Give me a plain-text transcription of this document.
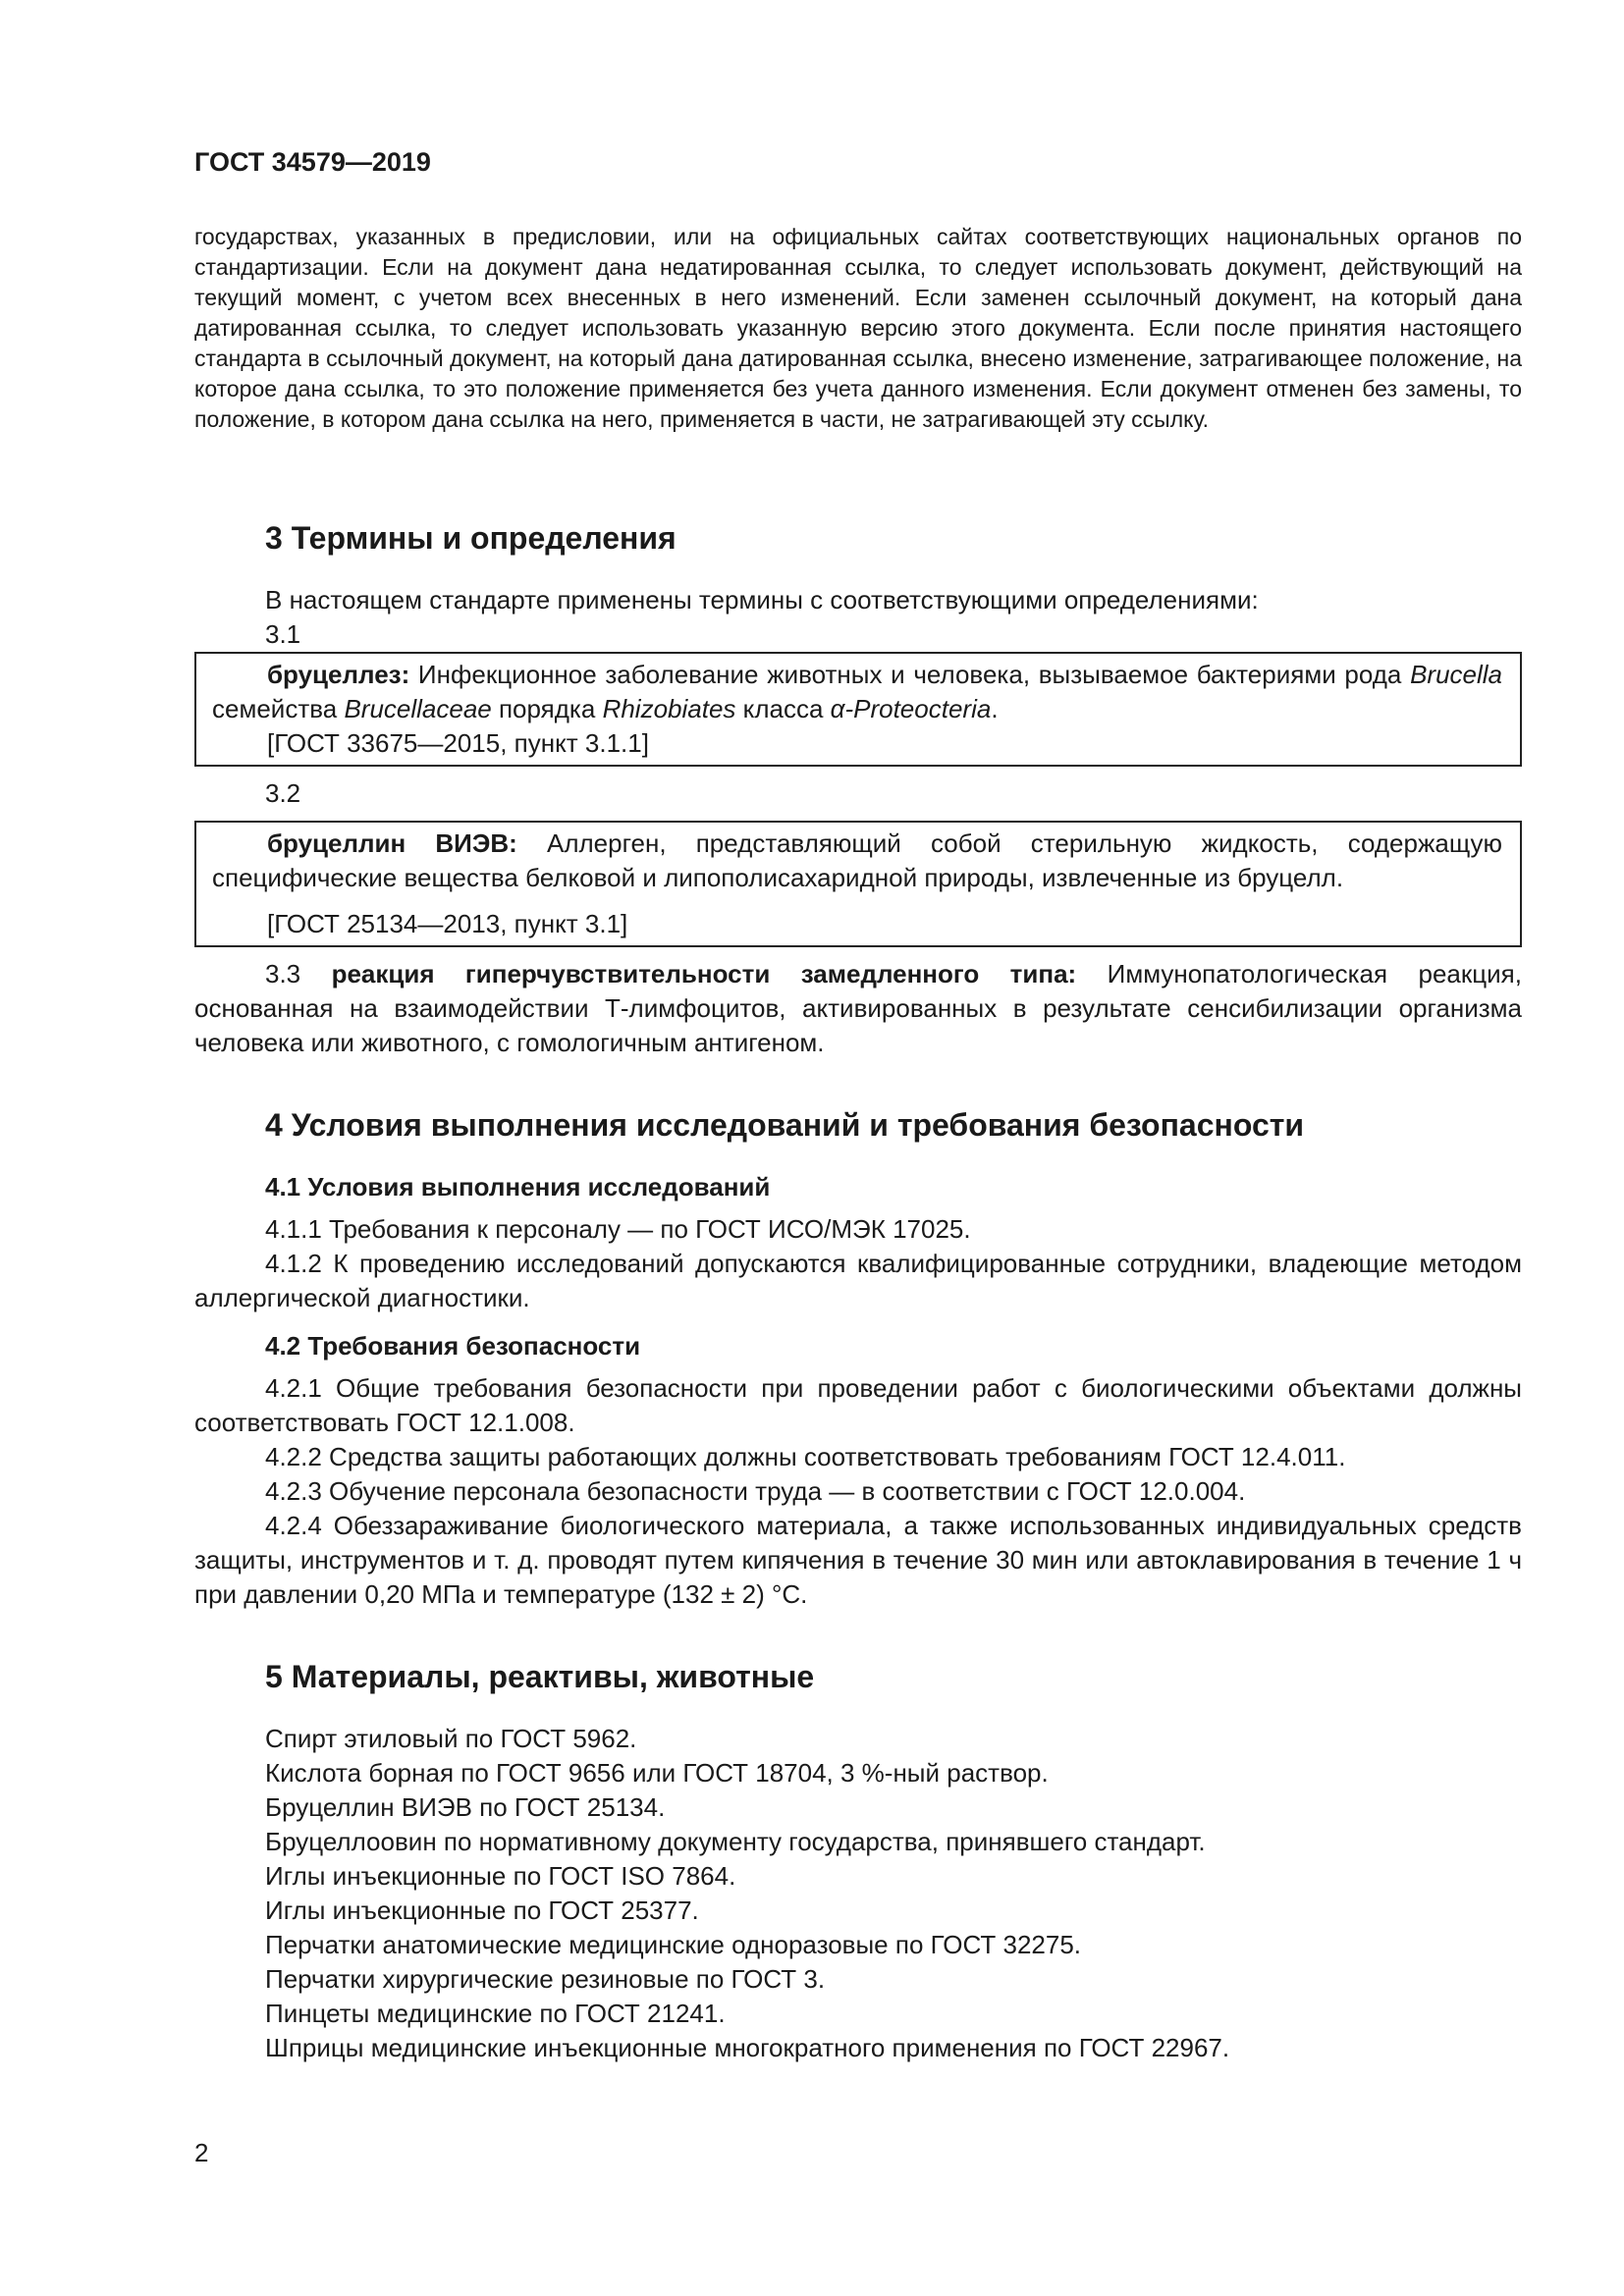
ГОСТ 34579—2019
государствах, указанных в предисловии, или на официальных сайтах соответствующих национальных органов по стандартизации. Если на документ дана недатированная ссылка, то следует использовать документ, действующий на текущий момент, с учетом всех внесенных в него изменений. Если заменен ссылочный документ, на который дана датированная ссылка, то следует использовать указанную версию этого документа. Если после принятия настоящего стандарта в ссылочный документ, на который дана датированная ссылка, внесено изменение, затрагивающее положение, на которое дана ссылка, то это положение применяется без учета данного изменения. Если документ отменен без замены, то положение, в котором дана ссылка на него, применяется в части, не затрагивающей эту ссылку.
3 Термины и определения

В настоящем стандарте применены термины с соответствующими определениями:

3.1

бруцеллез: Инфекционное заболевание животных и человека, вызываемое бактериями рода Brucella семейства Brucellaceae порядка Rhizobiates класса α-Proteocteria.

[ГОСТ 33675—2015, пункт 3.1.1]

3.2

бруцеллин ВИЭВ: Аллерген, представляющий собой стерильную жидкость, содержащую специфические вещества белковой и липополисахаридной природы, извлеченные из бруцелл.

[ГОСТ 25134—2013, пункт 3.1]

3.3 реакция гиперчувствительности замедленного типа: Иммунопатологическая реакция, основанная на взаимодействии Т-лимфоцитов, активированных в результате сенсибилизации организма человека или животного, с гомологичным антигеном.

4 Условия выполнения исследований и требования безопасности
4.1 Условия выполнения исследований

4.1.1 Требования к персоналу — по ГОСТ ИСО/МЭК 17025.

4.1.2 К проведению исследований допускаются квалифицированные сотрудники, владеющие методом аллергической диагностики.

4.2 Требования безопасности

4.2.1 Общие требования безопасности при проведении работ с биологическими объектами должны соответствовать ГОСТ 12.1.008.

4.2.2 Средства защиты работающих должны соответствовать требованиям ГОСТ 12.4.011.

4.2.3 Обучение персонала безопасности труда — в соответствии с ГОСТ 12.0.004.

4.2.4 Обеззараживание биологического материала, а также использованных индивидуальных средств защиты, инструментов и т. д. проводят путем кипячения в течение 30 мин или автоклавирования в течение 1 ч при давлении 0,20 МПа и температуре (132 ± 2) °С.

5 Материалы, реактивы, животные

Спирт этиловый по ГОСТ 5962.

Кислота борная по ГОСТ 9656 или ГОСТ 18704, 3 %-ный раствор.

Бруцеллин ВИЭВ по ГОСТ 25134.

Бруцеллоовин по нормативному документу государства, принявшего стандарт.

Иглы инъекционные по ГОСТ ISO 7864.

Иглы инъекционные по ГОСТ 25377.

Перчатки анатомические медицинские одноразовые по ГОСТ 32275.

Перчатки хирургические резиновые по ГОСТ 3.

Пинцеты медицинские по ГОСТ 21241.

Шприцы медицинские инъекционные многократного применения по ГОСТ 22967.

2
